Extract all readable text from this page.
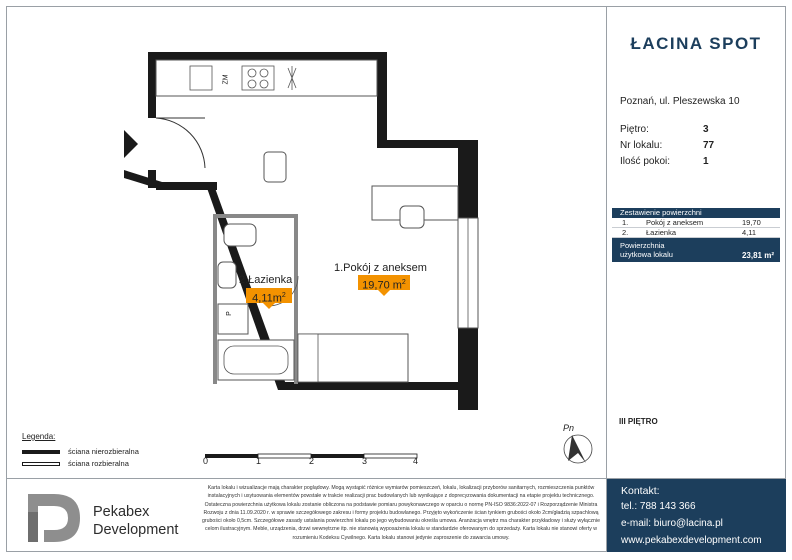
1.Pokój z aneksem
19,70 $m^2$
2.Łazienka
$4,11m^2$
ZM
P
0	1	2	3	4
Pn
Legenda:
ściana nierozbieralna
ściana rozbieralna
ŁACINA SPOT
Poznań, ul. Pleszewska 10
Piętro:	3
Nr lokalu:	77
Ilość pokoi:	1
Zestawienie powierzchni
1. Pokój z aneksem	19,70
2. Łazienka	4,11
Powierzchnia
użytkowa lokalu	23,81 m²
III PIĘTRO
Pekabex
Development
Karta lokalu i wizualizacje mają charakter poglądowy. Mogą wystąpić różnice wymiarów pomieszczeń, lokalu, lokalizacji przyborów sanitarnych, rozmieszczenia punktów instalacyjnych i usytuowania elementów powstałe w trakcie realizacji prac budowlanych lub wynikające z doprecyzowania dokumentacji na etapie projektu technicznego. Ostateczna powierzchnia użytkowa lokalu zostanie obliczona na podstawie pomiaru powykonawczego w oparciu o normę PN-ISO 9836:2022-07 i Rozporządzenie Ministra Rozwoju z dnia 11.09.2020 r. w sprawie szczegółowego zakresu i formy projektu budowlanego. Przyjęto wykończenie ścian tynkiem grubości około 2cm/gładzią szpachlową grubości około 0,5cm. Szczegółowe zasady ustalania powierzchni lokalu po jego wybudowaniu określa umowa. Aranżacja wnętrz ma charakter przykładowy i służy wyłącznie celom ilustracyjnym. Meble, urządzenia, drzwi wewnętrzne itp. nie stanowią wyposażenia lokalu w standardzie oferowanym do sprzedaży. Karta lokalu nie stanowi oferty w rozumieniu Kodeksu Cywilnego. Karta lokalu stanowi jedynie zaproszenie do zawarcia umowy.
Kontakt:
tel.: 788 143 366
e-mail: biuro@lacina.pl
www.pekabexdevelopment.com
